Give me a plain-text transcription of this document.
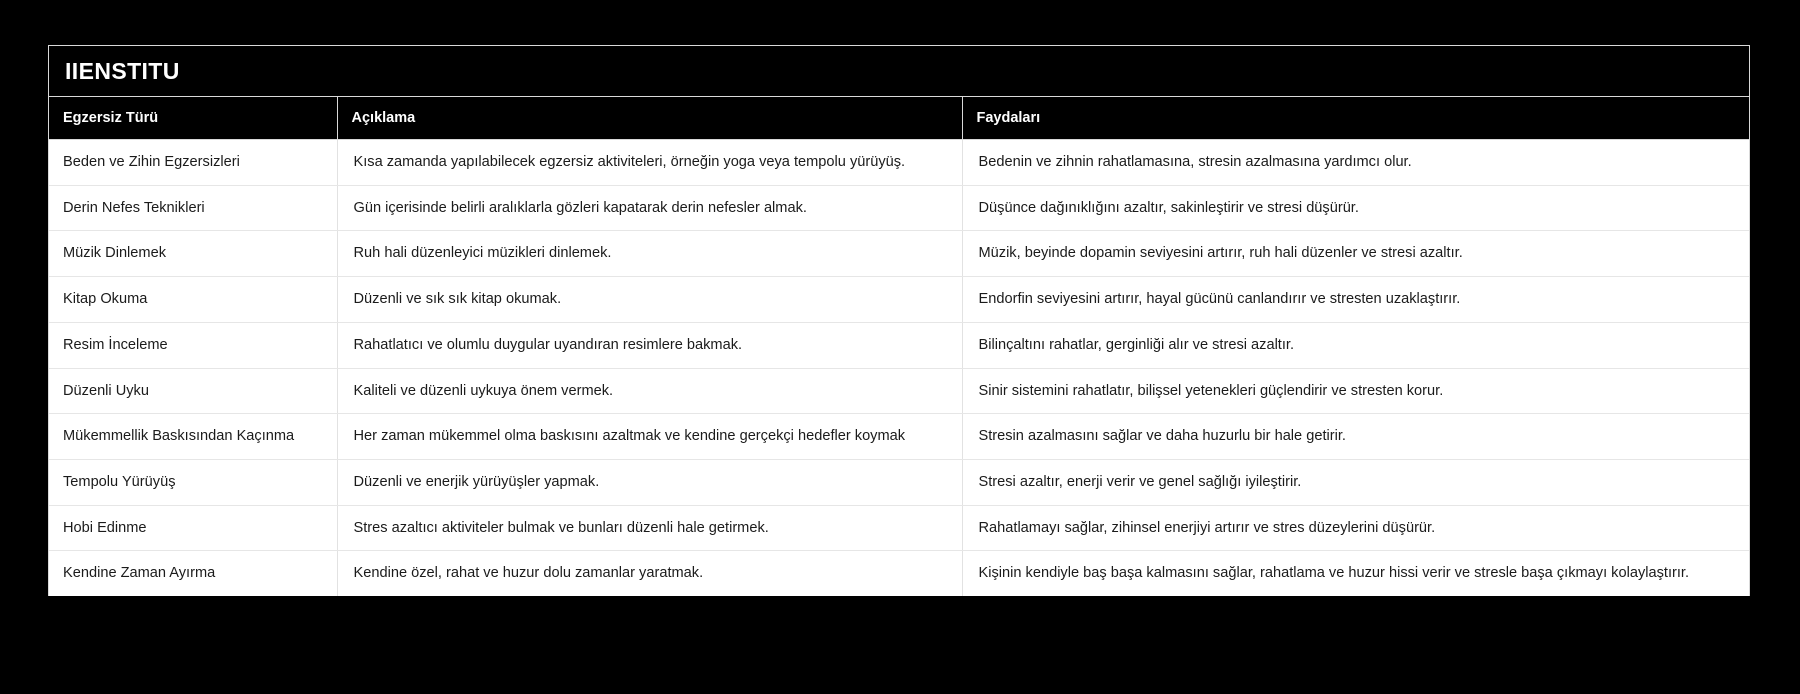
IIENSTITU
Egzersiz Türü	Açıklama	Faydaları
Beden ve Zihin Egzersizleri	Kısa zamanda yapılabilecek egzersiz aktiviteleri, örneğin yoga veya tempolu yürüyüş.	Bedenin ve zihnin rahatlamasına, stresin azalmasına yardımcı olur.
Derin Nefes Teknikleri	Gün içerisinde belirli aralıklarla gözleri kapatarak derin nefesler almak.	Düşünce dağınıklığını azaltır, sakinleştirir ve stresi düşürür.
Müzik Dinlemek	Ruh hali düzenleyici müzikleri dinlemek.	Müzik, beyinde dopamin seviyesini artırır, ruh hali düzenler ve stresi azaltır.
Kitap Okuma	Düzenli ve sık sık kitap okumak.	Endorfin seviyesini artırır, hayal gücünü canlandırır ve stresten uzaklaştırır.
Resim İnceleme	Rahatlatıcı ve olumlu duygular uyandıran resimlere bakmak.	Bilinçaltını rahatlar, gerginliği alır ve stresi azaltır.
Düzenli Uyku	Kaliteli ve düzenli uykuya önem vermek.	Sinir sistemini rahatlatır, bilişsel yetenekleri güçlendirir ve stresten korur.
Mükemmellik Baskısından Kaçınma	Her zaman mükemmel olma baskısını azaltmak ve kendine gerçekçi hedefler koymak	Stresin azalmasını sağlar ve daha huzurlu bir hale getirir.
Tempolu Yürüyüş	Düzenli ve enerjik yürüyüşler yapmak.	Stresi azaltır, enerji verir ve genel sağlığı iyileştirir.
Hobi Edinme	Stres azaltıcı aktiviteler bulmak ve bunları düzenli hale getirmek.	Rahatlamayı sağlar, zihinsel enerjiyi artırır ve stres düzeylerini düşürür.
Kendine Zaman Ayırma	Kendine özel, rahat ve huzur dolu zamanlar yaratmak.	Kişinin kendiyle baş başa kalmasını sağlar, rahatlama ve huzur hissi verir ve stresle başa çıkmayı kolaylaştırır.
